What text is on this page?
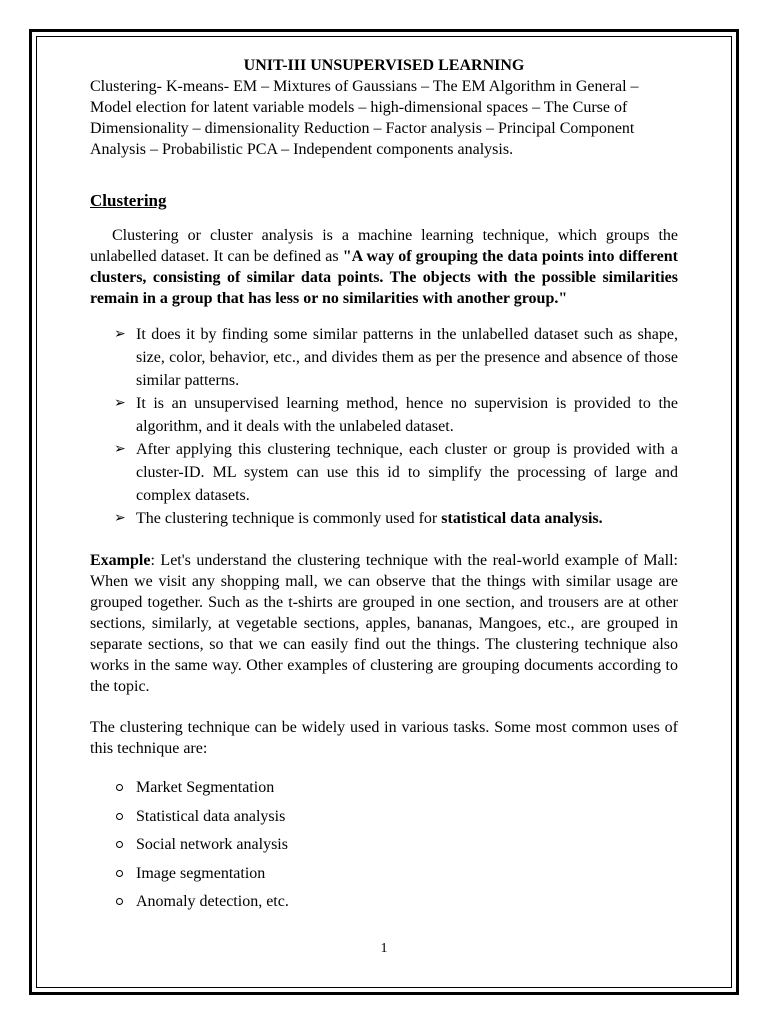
UNIT-III UNSUPERVISED LEARNING

Clustering- K-means- EM – Mixtures of Gaussians – The EM Algorithm in General – Model election for latent variable models – high-dimensional spaces – The Curse of Dimensionality – dimensionality Reduction – Factor analysis – Principal Component Analysis – Probabilistic PCA – Independent components analysis.

Clustering

Clustering or cluster analysis is a machine learning technique, which groups the unlabelled dataset. It can be defined as "A way of grouping the data points into different clusters, consisting of similar data points. The objects with the possible similarities remain in a group that has less or no similarities with another group."

➢ It does it by finding some similar patterns in the unlabelled dataset such as shape, size, color, behavior, etc., and divides them as per the presence and absence of those similar patterns.
➢ It is an unsupervised learning method, hence no supervision is provided to the algorithm, and it deals with the unlabeled dataset.
➢ After applying this clustering technique, each cluster or group is provided with a cluster-ID. ML system can use this id to simplify the processing of large and complex datasets.
➢ The clustering technique is commonly used for statistical data analysis.

Example: Let's understand the clustering technique with the real-world example of Mall: When we visit any shopping mall, we can observe that the things with similar usage are grouped together. Such as the t-shirts are grouped in one section, and trousers are at other sections, similarly, at vegetable sections, apples, bananas, Mangoes, etc., are grouped in separate sections, so that we can easily find out the things. The clustering technique also works in the same way. Other examples of clustering are grouping documents according to the topic.

The clustering technique can be widely used in various tasks. Some most common uses of this technique are:

Market Segmentation
Statistical data analysis
Social network analysis
Image segmentation
Anomaly detection, etc.
1
